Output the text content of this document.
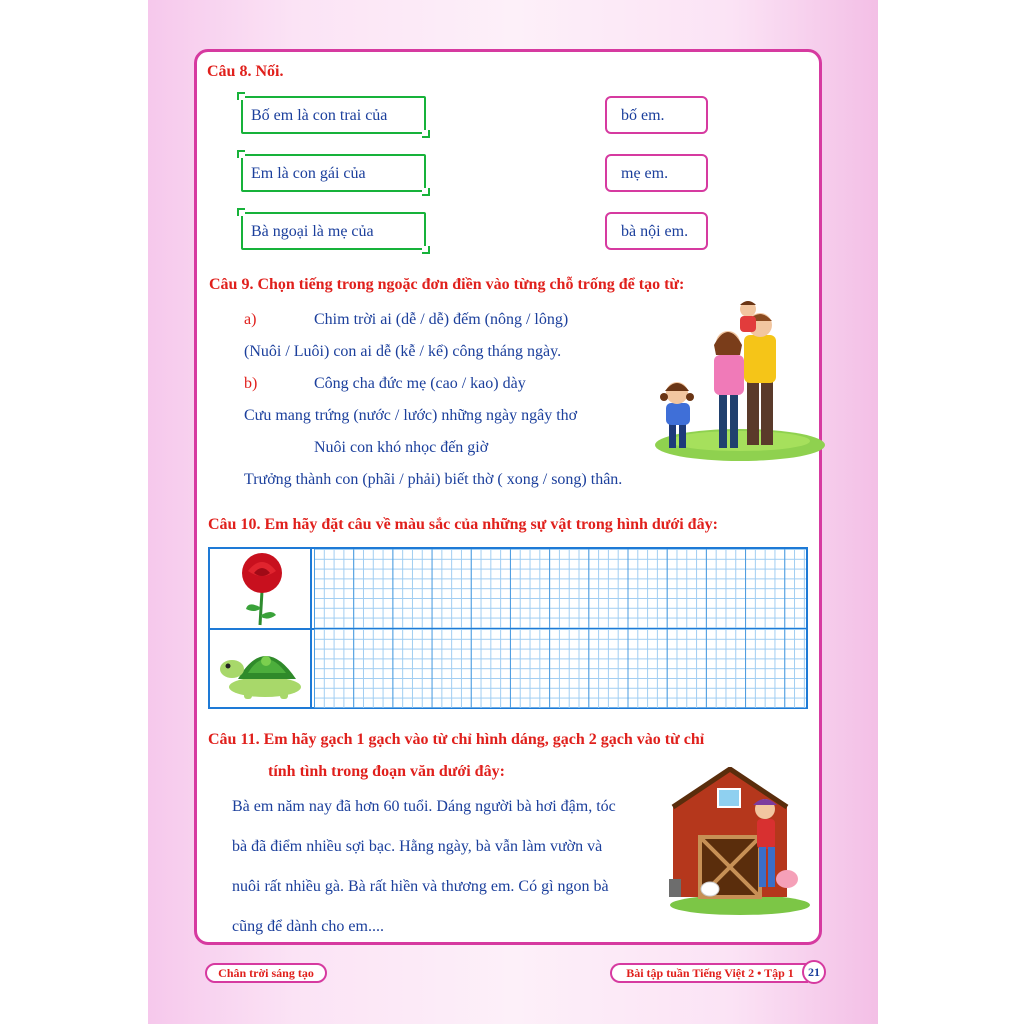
Câu 8. Nối.
Bố em là con trai của
Em là con gái của
Bà ngoại là mẹ của
bố em.
mẹ em.
bà nội em.
Câu 9. Chọn tiếng trong ngoặc đơn điền vào từng chỗ trống để tạo từ:
a)	Chim trời ai (dễ / dễ) đếm (nông / lông)
(Nuôi / Luôi) con ai dễ (kễ / kể) công tháng ngày.
b)	Công cha đức mẹ (cao / kao) dày
Cưu mang trứng (nước / lước) những ngày ngây thơ
Nuôi con khó nhọc đến giờ
Trưởng thành con (phãi / phải) biết thờ ( xong / song) thân.
Câu 10. Em hãy đặt câu về màu sắc của những sự vật trong hình dưới đây:
Câu 11. Em hãy gạch 1 gạch vào từ chỉ hình dáng, gạch 2 gạch vào từ chỉ
tính tình trong đoạn văn dưới đây:
Bà em năm nay đã hơn 60 tuổi. Dáng người bà hơi đậm, tóc
bà đã điểm nhiều sợi bạc. Hằng ngày, bà vẫn làm vườn và
nuôi rất nhiều gà. Bà rất hiền và thương em. Có gì ngon bà
cũng để dành cho em....
Chân trời sáng tạo	Bài tập tuần Tiếng Việt 2 • Tập 1	21
